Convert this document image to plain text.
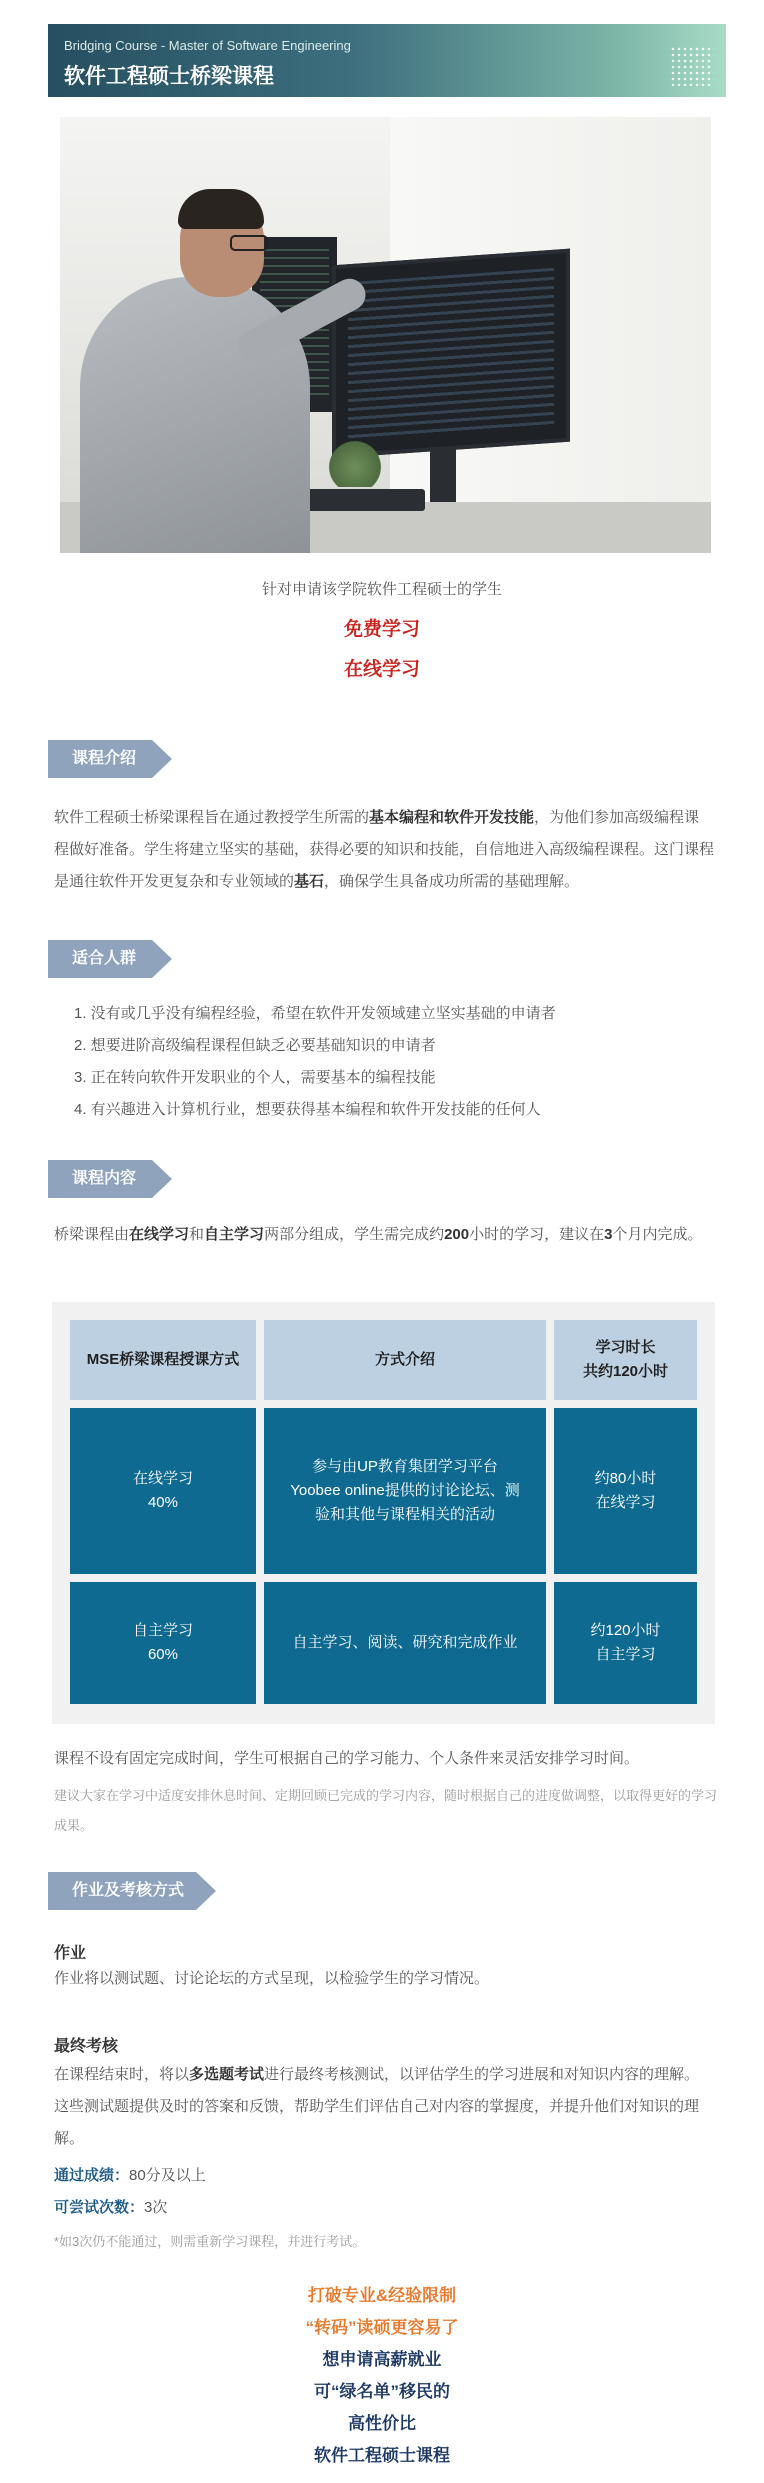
Bridging Course - Master of Software Engineering
软件工程硕士桥梁课程
针对申请该学院软件工程硕士的学生
免费学习
在线学习
课程介绍
软件工程硕士桥梁课程旨在通过教授学生所需的基本编程和软件开发技能，为他们参加高级编程课程做好准备。学生将建立坚实的基础，获得必要的知识和技能，自信地进入高级编程课程。这门课程是通往软件开发更复杂和专业领域的基石，确保学生具备成功所需的基础理解。
适合人群
1. 没有或几乎没有编程经验，希望在软件开发领域建立坚实基础的申请者
2. 想要进阶高级编程课程但缺乏必要基础知识的申请者
3. 正在转向软件开发职业的个人，需要基本的编程技能
4. 有兴趣进入计算机行业，想要获得基本编程和软件开发技能的任何人
课程内容
桥梁课程由在线学习和自主学习两部分组成，学生需完成约200小时的学习，建议在3个月内完成。
MSE桥梁课程授课方式	方式介绍
学习时长
共约120小时
在线学习
40%
参与由UP教育集团学习平台
Yoobee online提供的讨论论坛、测
验和其他与课程相关的活动
约80小时
在线学习
自主学习
60%
自主学习、阅读、研究和完成作业
约120小时
自主学习
课程不设有固定完成时间，学生可根据自己的学习能力、个人条件来灵活安排学习时间。
建议大家在学习中适度安排休息时间、定期回顾已完成的学习内容，随时根据自己的进度做调整，以取得更好的学习成果。
作业及考核方式
作业
作业将以测试题、讨论论坛的方式呈现，以检验学生的学习情况。
最终考核
在课程结束时，将以多选题考试进行最终考核测试，以评估学生的学习进展和对知识内容的理解。这些测试题提供及时的答案和反馈，帮助学生们评估自己对内容的掌握度，并提升他们对知识的理解。
通过成绩：80分及以上
可尝试次数：3次
*如3次仍不能通过，则需重新学习课程，并进行考试。
打破专业&经验限制
“转码”读硕更容易了
想申请高薪就业
可“绿名单”移民的
高性价比
软件工程硕士课程
